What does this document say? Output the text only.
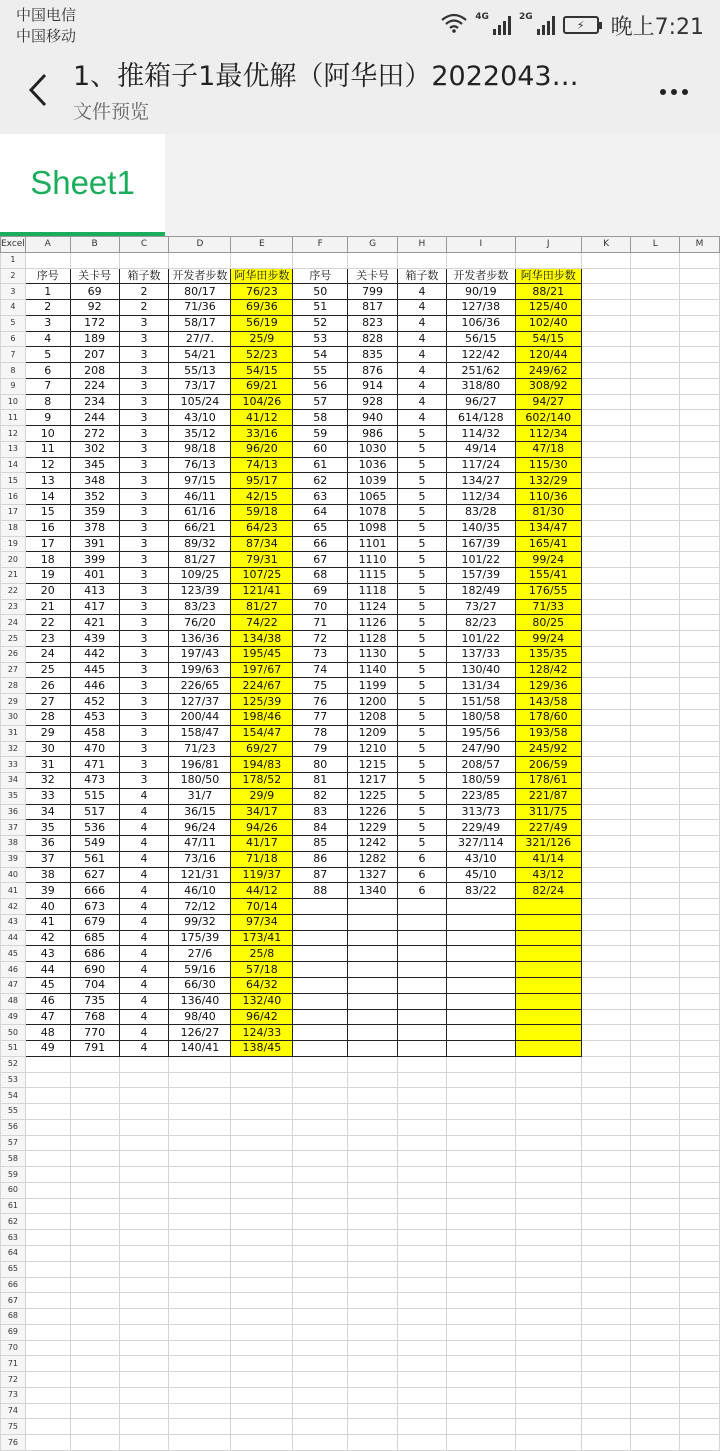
中国电信
中国移动
4G	2G
⚡ 晚上7:21
1、推箱子1最优解（阿华田）2022043…
文件预览
Sheet1
Excel	A	B	C	D	E	F	G	H	I	J	K	L	M
1													
2	序号	关卡号	箱子数	开发者步数	阿华田步数	序号	关卡号	箱子数	开发者步数	阿华田步数			
3	1	69	2	80/17	76/23	50	799	4	90/19	88/21			
4	2	92	2	71/36	69/36	51	817	4	127/38	125/40			
5	3	172	3	58/17	56/19	52	823	4	106/36	102/40			
6	4	189	3	27/7.	25/9	53	828	4	56/15	54/15			
7	5	207	3	54/21	52/23	54	835	4	122/42	120/44			
8	6	208	3	55/13	54/15	55	876	4	251/62	249/62			
9	7	224	3	73/17	69/21	56	914	4	318/80	308/92			
10	8	234	3	105/24	104/26	57	928	4	96/27	94/27			
11	9	244	3	43/10	41/12	58	940	4	614/128	602/140			
12	10	272	3	35/12	33/16	59	986	5	114/32	112/34			
13	11	302	3	98/18	96/20	60	1030	5	49/14	47/18			
14	12	345	3	76/13	74/13	61	1036	5	117/24	115/30			
15	13	348	3	97/15	95/17	62	1039	5	134/27	132/29			
16	14	352	3	46/11	42/15	63	1065	5	112/34	110/36			
17	15	359	3	61/16	59/18	64	1078	5	83/28	81/30			
18	16	378	3	66/21	64/23	65	1098	5	140/35	134/47			
19	17	391	3	89/32	87/34	66	1101	5	167/39	165/41			
20	18	399	3	81/27	79/31	67	1110	5	101/22	99/24			
21	19	401	3	109/25	107/25	68	1115	5	157/39	155/41			
22	20	413	3	123/39	121/41	69	1118	5	182/49	176/55			
23	21	417	3	83/23	81/27	70	1124	5	73/27	71/33			
24	22	421	3	76/20	74/22	71	1126	5	82/23	80/25			
25	23	439	3	136/36	134/38	72	1128	5	101/22	99/24			
26	24	442	3	197/43	195/45	73	1130	5	137/33	135/35			
27	25	445	3	199/63	197/67	74	1140	5	130/40	128/42			
28	26	446	3	226/65	224/67	75	1199	5	131/34	129/36			
29	27	452	3	127/37	125/39	76	1200	5	151/58	143/58			
30	28	453	3	200/44	198/46	77	1208	5	180/58	178/60			
31	29	458	3	158/47	154/47	78	1209	5	195/56	193/58			
32	30	470	3	71/23	69/27	79	1210	5	247/90	245/92			
33	31	471	3	196/81	194/83	80	1215	5	208/57	206/59			
34	32	473	3	180/50	178/52	81	1217	5	180/59	178/61			
35	33	515	4	31/7	29/9	82	1225	5	223/85	221/87			
36	34	517	4	36/15	34/17	83	1226	5	313/73	311/75			
37	35	536	4	96/24	94/26	84	1229	5	229/49	227/49			
38	36	549	4	47/11	41/17	85	1242	5	327/114	321/126			
39	37	561	4	73/16	71/18	86	1282	6	43/10	41/14			
40	38	627	4	121/31	119/37	87	1327	6	45/10	43/12			
41	39	666	4	46/10	44/12	88	1340	6	83/22	82/24			
42	40	673	4	72/12	70/14								
43	41	679	4	99/32	97/34								
44	42	685	4	175/39	173/41								
45	43	686	4	27/6	25/8								
46	44	690	4	59/16	57/18								
47	45	704	4	66/30	64/32								
48	46	735	4	136/40	132/40								
49	47	768	4	98/40	96/42								
50	48	770	4	126/27	124/33								
51	49	791	4	140/41	138/45								
52													
53													
54													
55													
56													
57													
58													
59													
60													
61													
62													
63													
64													
65													
66													
67													
68													
69													
70													
71													
72													
73													
74													
75													
76													
